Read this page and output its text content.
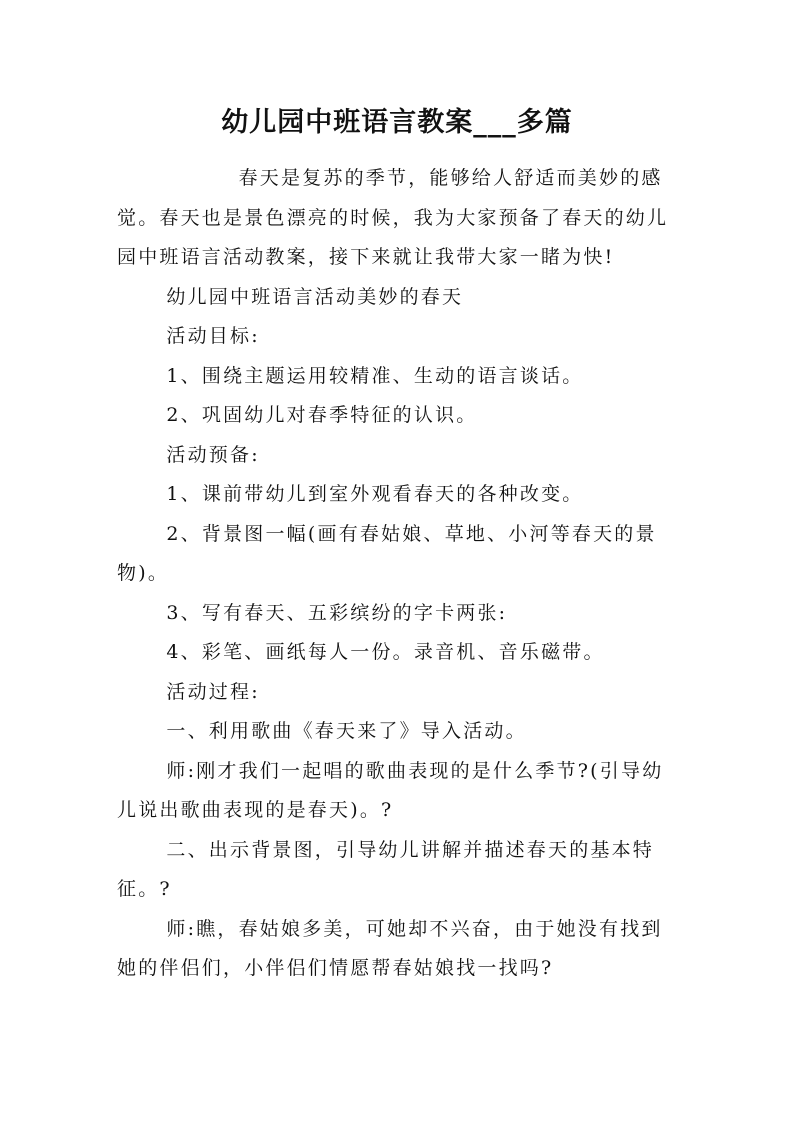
幼儿园中班语言教案___多篇

春天是复苏的季节，能够给人舒适而美妙的感觉。春天也是景色漂亮的时候，我为大家预备了春天的幼儿园中班语言活动教案，接下来就让我带大家一睹为快!

幼儿园中班语言活动美妙的春天

活动目标:

1、围绕主题运用较精准、生动的语言谈话。

2、巩固幼儿对春季特征的认识。

活动预备:

1、课前带幼儿到室外观看春天的各种改变。

2、背景图一幅(画有春姑娘、草地、小河等春天的景物)。

3、写有春天、五彩缤纷的字卡两张:

4、彩笔、画纸每人一份。录音机、音乐磁带。

活动过程:

一、利用歌曲《春天来了》导入活动。

师:刚才我们一起唱的歌曲表现的是什么季节?(引导幼儿说出歌曲表现的是春天)。?

二、出示背景图，引导幼儿讲解并描述春天的基本特征。?

师:瞧，春姑娘多美，可她却不兴奋，由于她没有找到她的伴侣们，小伴侣们情愿帮春姑娘找一找吗?
